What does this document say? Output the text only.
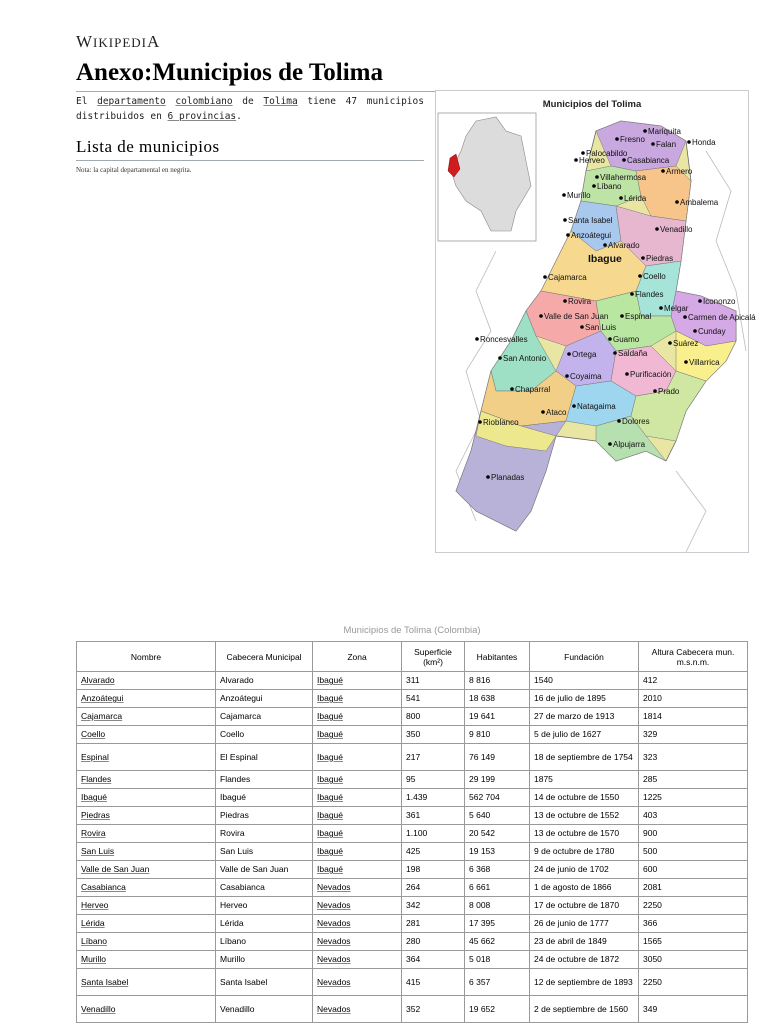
WIKIPEDIA
Anexo:Municipios de Tolima
El departamento colombiano de Tolima tiene 47 municipios distribuidos en 6 provincias.
Lista de municipios
Nota: la capital departamental en negrita.
Municipios del Tolima
Ibague
Mariquita
Fresno
Falan Honda
Palocabildo
Herveo	Casabianca
Armero
Villahermosa
Líbano
Murillo	Lérida	Ambalema
Santa Isabel
Venadillo
Anzoátegui
Alvarado
Piedras
Cajamarca	Coello
Flandes
Icononzo
Rovira
Melgar
Carmen de Apicalá
Valle de San Juan Espinal
San Luis	Cunday
Guamo
Roncesvalles	Suárez
Ortega	Saldaña
San Antonio	Villarrica
Purificación
Coyaima
Chaparral	Prado
Ataco
Natagaima
Rioblanco	Dolores
Alpujarra
Planadas
Municipios de Tolima (Colombia)
Nombre	Cabecera Municipal	Zona	Superficie (km²)	Habitantes	Fundación	Altura Cabecera mun. m.s.n.m.
Alvarado	Alvarado	Ibagué	311	8 816	1540	412
Anzoátegui	Anzoátegui	Ibagué	541	18 638	16 de julio de 1895	2010
Cajamarca	Cajamarca	Ibagué	800	19 641	27 de marzo de 1913	1814
Coello	Coello	Ibagué	350	9 810	5 de julio de 1627	329
Espinal	El Espinal	Ibagué	217	76 149	18 de septiembre de 1754	323
Flandes	Flandes	Ibagué	95	29 199	1875	285
Ibagué	Ibagué	Ibagué	1.439	562 704	14 de octubre de 1550	1225
Piedras	Piedras	Ibagué	361	5 640	13 de octubre de 1552	403
Rovira	Rovira	Ibagué	1.100	20 542	13 de octubre de 1570	900
San Luis	San Luis	Ibagué	425	19 153	9 de octubre de 1780	500
Valle de San Juan	Valle de San Juan	Ibagué	198	6 368	24 de junio de 1702	600
Casabianca	Casabianca	Nevados	264	6 661	1 de agosto de 1866	2081
Herveo	Herveo	Nevados	342	8 008	17 de octubre de 1870	2250
Lérida	Lérida	Nevados	281	17 395	26 de junio de 1777	366
Líbano	Líbano	Nevados	280	45 662	23 de abril de 1849	1565
Murillo	Murillo	Nevados	364	5 018	24 de octubre de 1872	3050
Santa Isabel	Santa Isabel	Nevados	415	6 357	12 de septiembre de 1893	2250
Venadillo	Venadillo	Nevados	352	19 652	2 de septiembre de 1560	349
